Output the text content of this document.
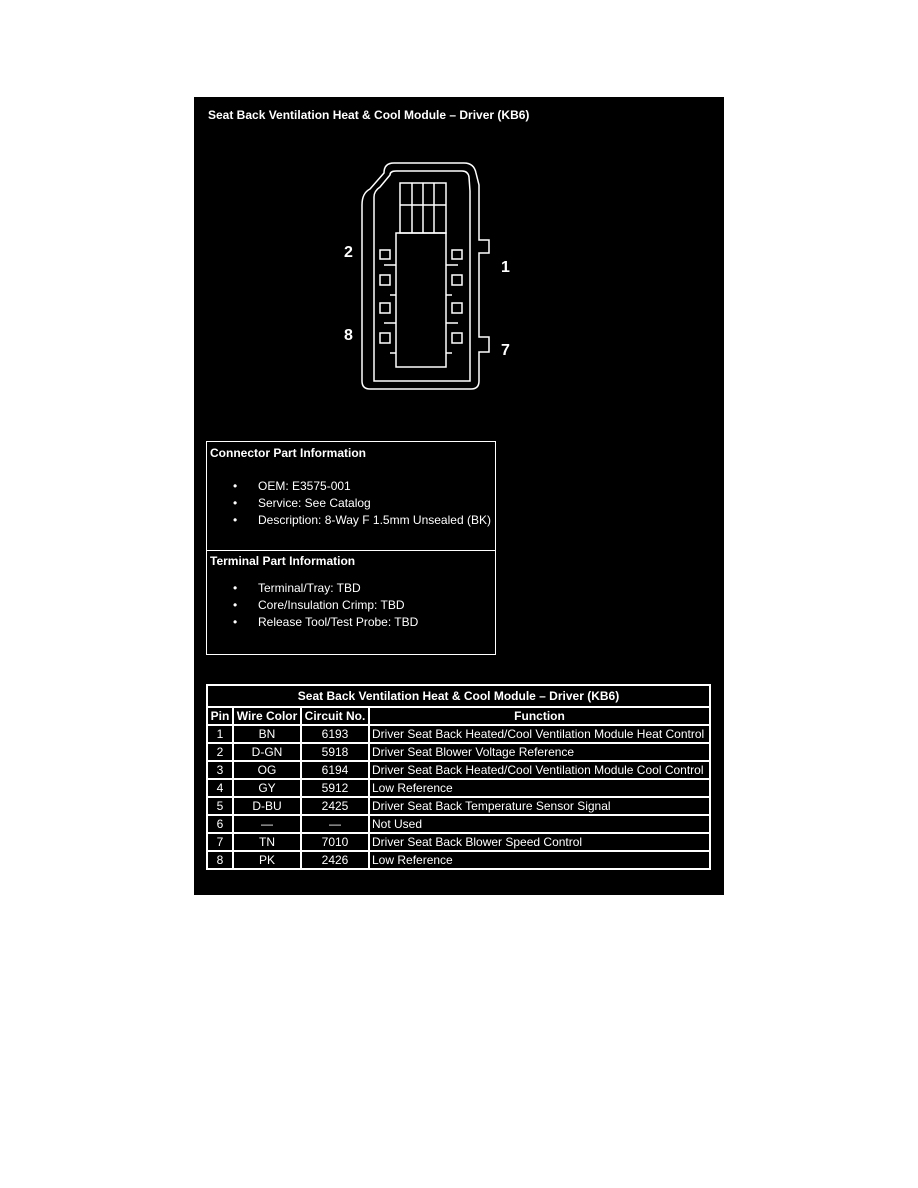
Seat Back Ventilation Heat & Cool Module – Driver (KB6)
2
1
8
7
Connector Part Information
• OEM: E3575-001
• Service: See Catalog
• Description: 8-Way F 1.5mm Unsealed (BK)
Terminal Part Information
• Terminal/Tray: TBD
• Core/Insulation Crimp: TBD
• Release Tool/Test Probe: TBD
Seat Back Ventilation Heat & Cool Module – Driver (KB6)			
Pin	Wire Color	Circuit No.	Function
1	BN	6193	Driver Seat Back Heated/Cool Ventilation Module Heat Control
2	D-GN	5918	Driver Seat Blower Voltage Reference
3	OG	6194	Driver Seat Back Heated/Cool Ventilation Module Cool Control
4	GY	5912	Low Reference
5	D-BU	2425	Driver Seat Back Temperature Sensor Signal
6	—	—	Not Used
7	TN	7010	Driver Seat Back Blower Speed Control
8	PK	2426	Low Reference
